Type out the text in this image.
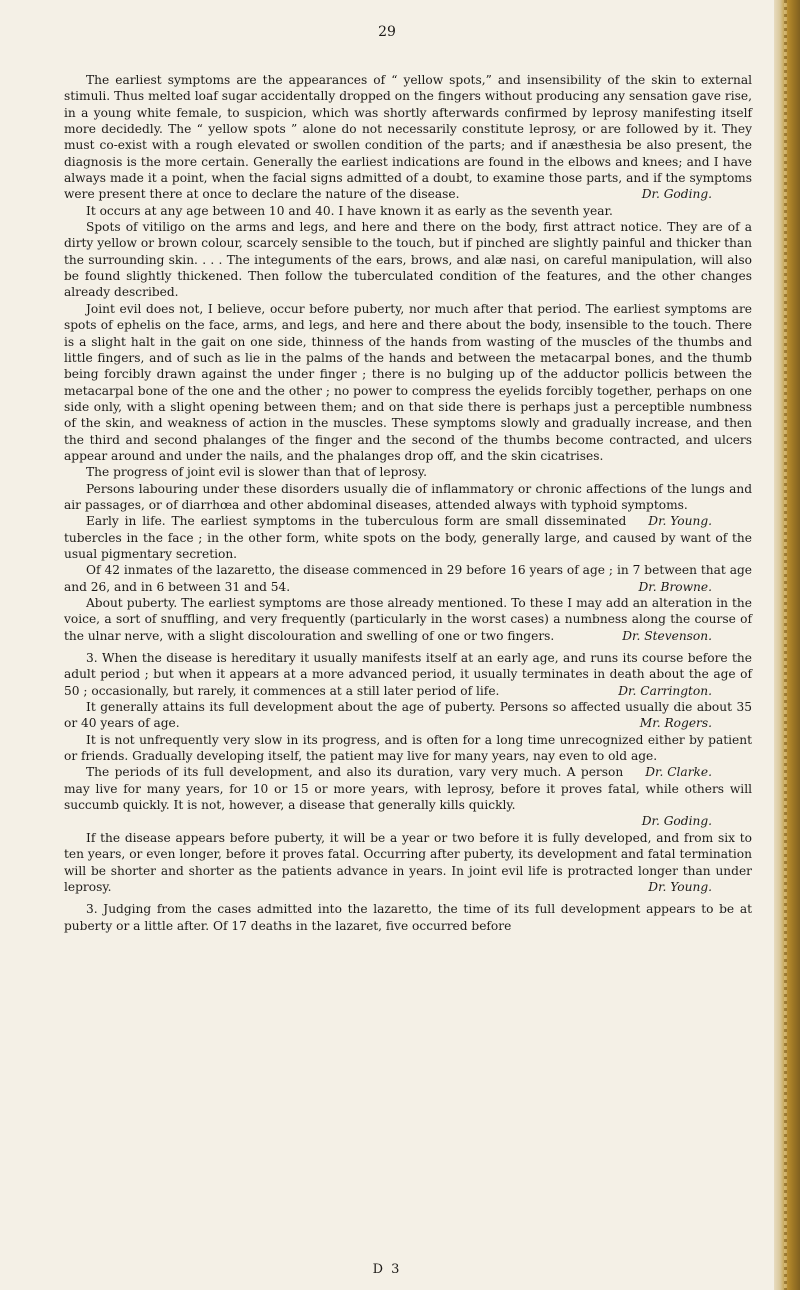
29

The earliest symptoms are the appearances of “ yellow spots,” and insensibility of the skin to external stimuli. Thus melted loaf sugar accidentally dropped on the fingers without producing any sensation gave rise, in a young white female, to suspicion, which was shortly afterwards confirmed by leprosy manifesting itself more decidedly. The “ yellow spots ” alone do not necessarily constitute leprosy, or are followed by it. They must co-exist with a rough elevated or swollen condition of the parts; and if anæsthesia be also present, the diagnosis is the more certain. Generally the earliest indications are found in the elbows and knees; and I have always made it a point, when the facial signs admitted of a doubt, to examine those parts, and if the symptoms were present there at once to declare the nature of the disease.	Dr. Goding.

It occurs at any age between 10 and 40. I have known it as early as the seventh year.

Spots of vitiligo on the arms and legs, and here and there on the body, first attract notice. They are of a dirty yellow or brown colour, scarcely sensible to the touch, but if pinched are slightly painful and thicker than the surrounding skin. . . . The integuments of the ears, brows, and alæ nasi, on careful manipulation, will also be found slightly thickened. Then follow the tuberculated condition of the features, and the other changes already described.

Joint evil does not, I believe, occur before puberty, nor much after that period. The earliest symptoms are spots of ephelis on the face, arms, and legs, and here and there about the body, insensible to the touch. There is a slight halt in the gait on one side, thinness of the hands from wasting of the muscles of the thumbs and little fingers, and of such as lie in the palms of the hands and between the metacarpal bones, and the thumb being forcibly drawn against the under finger ; there is no bulging up of the adductor pollicis between the metacarpal bone of the one and the other ; no power to compress the eyelids forcibly together, perhaps on one side only, with a slight opening between them; and on that side there is perhaps just a perceptible numbness of the skin, and weakness of action in the muscles. These symptoms slowly and gradually increase, and then the third and second phalanges of the finger and the second of the thumbs become contracted, and ulcers appear around and under the nails, and the phalanges drop off, and the skin cicatrises.

The progress of joint evil is slower than that of leprosy.

Persons labouring under these disorders usually die of inflammatory or chronic affections of the lungs and air passages, or of diarrhœa and other abdominal diseases, attended always with typhoid symptoms.
Dr. Young.

Early in life. The earliest symptoms in the tuberculous form are small disseminated tubercles in the face ; in the other form, white spots on the body, generally large, and caused by want of the usual pigmentary secretion.

Of 42 inmates of the lazaretto, the disease commenced in 29 before 16 years of age ; in 7 between that age and 26, and in 6 between 31 and 54.	Dr. Browne.

About puberty. The earliest symptoms are those already mentioned. To these I may add an alteration in the voice, a sort of snuffling, and very frequently (particularly in the worst cases) a numbness along the course of the ulnar nerve, with a slight discolouration and swelling of one or two fingers.	Dr. Stevenson.

3. When the disease is hereditary it usually manifests itself at an early age, and runs its course before the adult period ; but when it appears at a more advanced period, it usually terminates in death about the age of 50 ; occasionally, but rarely, it commences at a still later period of life.	Dr. Carrington.

It generally attains its full development about the age of puberty. Persons so affected usually die about 35 or 40 years of age.	Mr. Rogers.

It is not unfrequently very slow in its progress, and is often for a long time unrecognized either by patient or friends. Gradually developing itself, the patient may live for many years, nay even to old age.
Dr. Clarke.

The periods of its full development, and also its duration, vary very much. A person may live for many years, for 10 or 15 or more years, with leprosy, before it proves fatal, while others will succumb quickly. It is not, however, a disease that generally kills quickly.
Dr. Goding.

If the disease appears before puberty, it will be a year or two before it is fully developed, and from six to ten years, or even longer, before it proves fatal. Occurring after puberty, its development and fatal termination will be shorter and shorter as the patients advance in years. In joint evil life is protracted longer than under leprosy.	Dr. Young.

3. Judging from the cases admitted into the lazaretto, the time of its full development appears to be at puberty or a little after. Of 17 deaths in the lazaret, five occurred before

D 3
